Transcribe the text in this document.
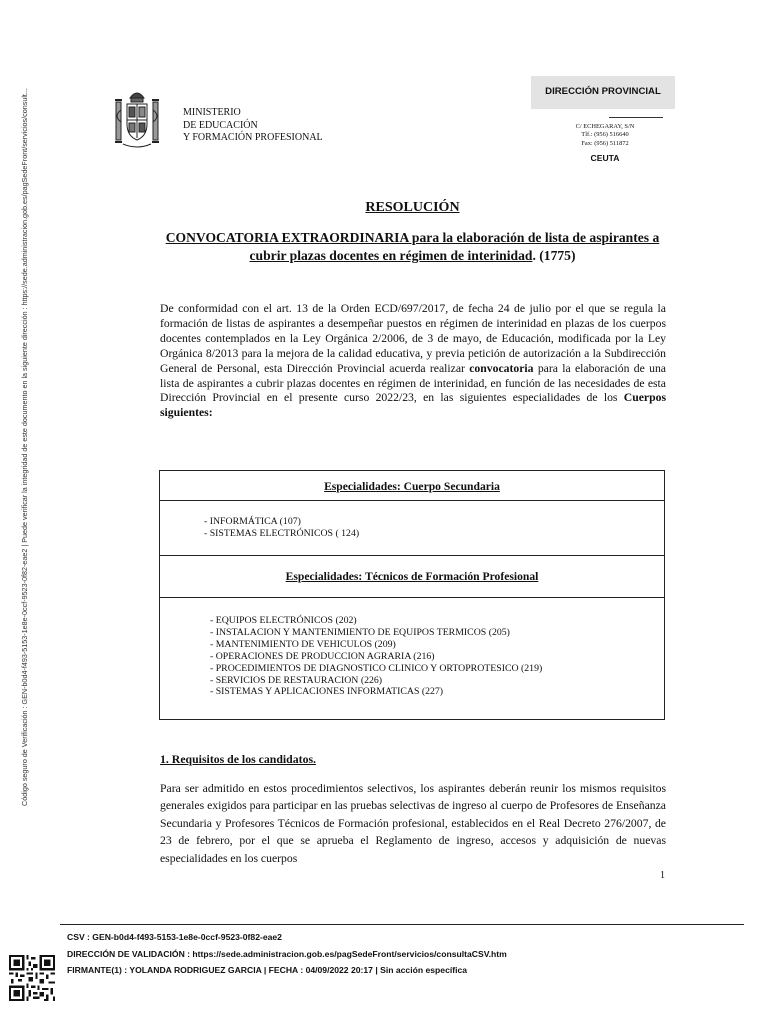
Código seguro de Verificación : GEN-b0d4-f493-5153-1e8e-0ccf-9523-0f82-eae2 | Puede verificar la integridad de este documento en la siguiente dirección : https://sede.administracion.gob.es/pagSedeFront/servicios/consult...	MINISTERIO
DE EDUCACIÓN
Y FORMACIÓN PROFESIONAL
DIRECCIÓN PROVINCIAL
C/ ECHEGARAY, S/N
Tlf.: (956) 516640
Fax: (956) 511872
CEUTA
RESOLUCIÓN
CONVOCATORIA EXTRAORDINARIA para la elaboración de lista de aspirantes a cubrir plazas docentes en régimen de interinidad. (1775)
De conformidad con el art. 13 de la Orden ECD/697/2017, de fecha 24 de julio por el que se regula la formación de listas de aspirantes a desempeñar puestos en régimen de interinidad en plazas de los cuerpos docentes contemplados en la Ley Orgánica 2/2006, de 3 de mayo, de Educación, modificada por la Ley Orgánica 8/2013 para la mejora de la calidad educativa, y previa petición de autorización a la Subdirección General de Personal, esta Dirección Provincial acuerda realizar convocatoria para la elaboración de una lista de aspirantes a cubrir plazas docentes en régimen de interinidad, en función de las necesidades de esta Dirección Provincial en el presente curso 2022/23, en las siguientes especialidades de los Cuerpos siguientes:
Especialidades: Cuerpo Secundaria
- INFORMÁTICA (107)
- SISTEMAS ELECTRÓNICOS ( 124)
Especialidades: Técnicos de Formación Profesional
- EQUIPOS ELECTRÓNICOS (202)
- INSTALACION Y MANTENIMIENTO DE EQUIPOS TERMICOS (205)
- MANTENIMIENTO DE VEHICULOS (209)
- OPERACIONES DE PRODUCCION AGRARIA (216)
- PROCEDIMIENTOS DE DIAGNOSTICO CLINICO Y ORTOPROTESICO (219)
- SERVICIOS DE RESTAURACION (226)
- SISTEMAS Y APLICACIONES INFORMATICAS (227)
1. Requisitos de los candidatos.
Para ser admitido en estos procedimientos selectivos, los aspirantes deberán reunir los mismos requisitos generales exigidos para participar en las pruebas selectivas de ingreso al cuerpo de Profesores de Enseñanza Secundaria y Profesores Técnicos de Formación profesional, establecidos en el Real Decreto 276/2007, de 23 de febrero, por el que se aprueba el Reglamento de ingreso, accesos y adquisición de nuevas especialidades en los cuerpos
1
CSV : GEN-b0d4-f493-5153-1e8e-0ccf-9523-0f82-eae2
DIRECCIÓN DE VALIDACIÓN : https://sede.administracion.gob.es/pagSedeFront/servicios/consultaCSV.htm
FIRMANTE(1) : YOLANDA RODRIGUEZ GARCIA | FECHA : 04/09/2022 20:17 | Sin acción específica
